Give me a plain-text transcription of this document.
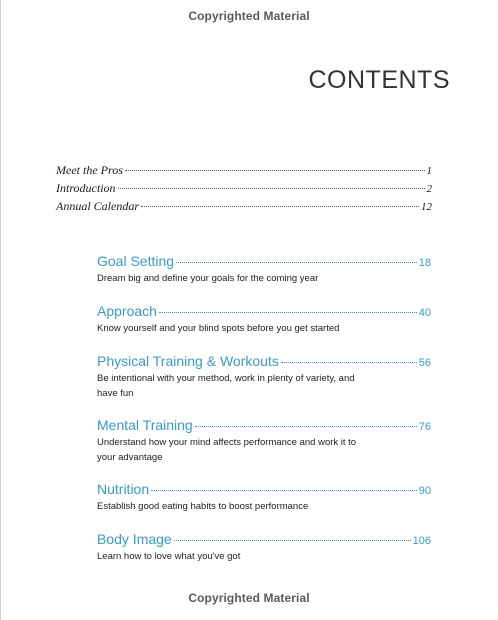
Copyrighted Material
CONTENTS
Meet the Pros	1
Introduction	2
Annual Calendar	12
Goal Setting	18
Dream big and define your goals for the coming year
Approach	40
Know yourself and your blind spots before you get started
Physical Training & Workouts	56
Be intentional with your method, work in plenty of variety, and have fun
Mental Training	76
Understand how your mind affects performance and work it to your advantage
Nutrition	90
Establish good eating habits to boost performance
Body Image	106
Learn how to love what you've got
Copyrighted Material
